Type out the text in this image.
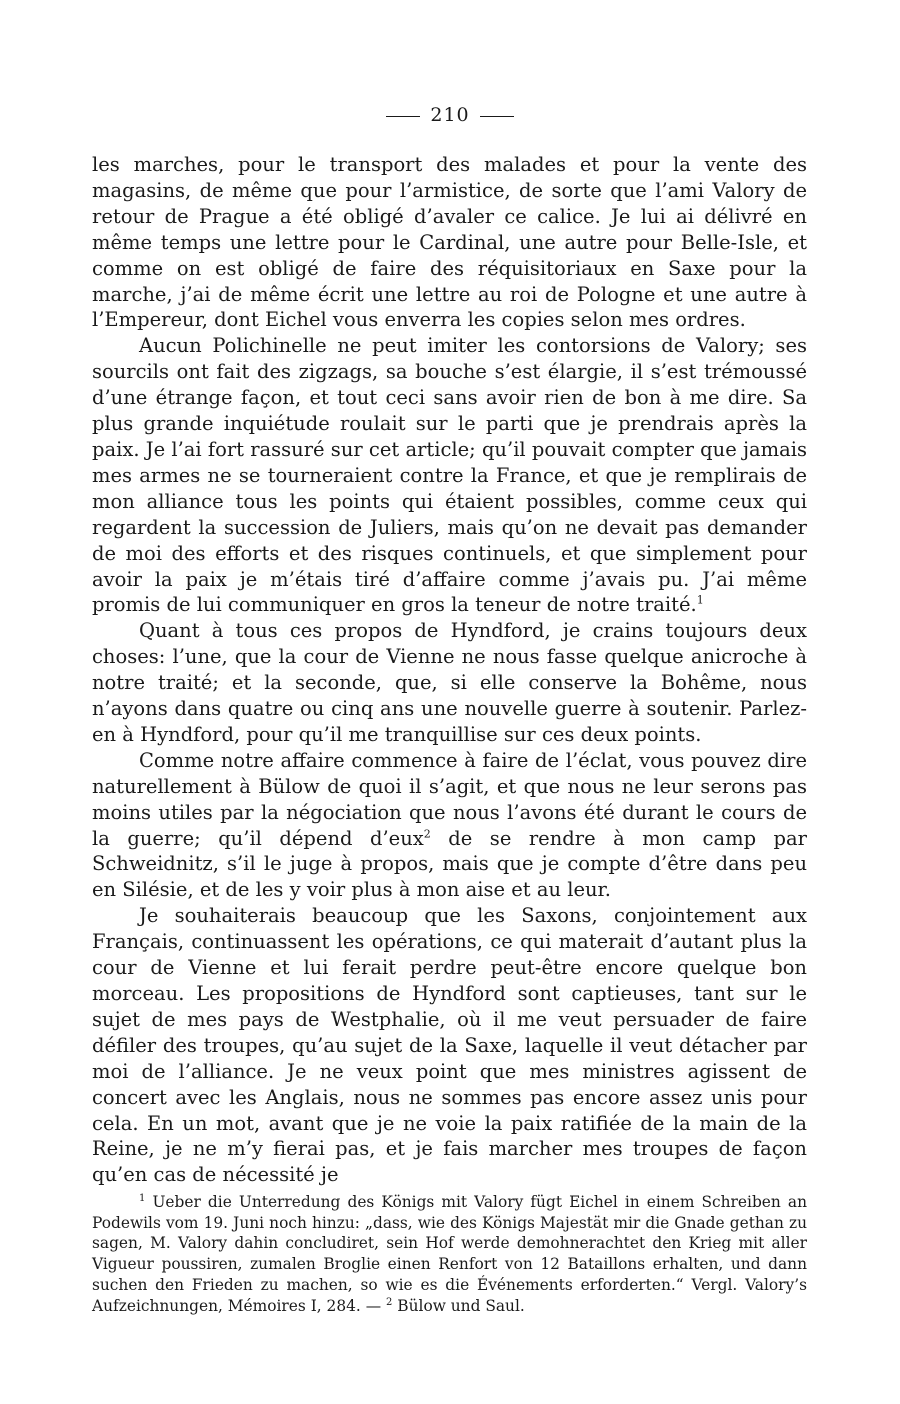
210

les marches, pour le transport des malades et pour la vente des magasins, de même que pour l’armistice, de sorte que l’ami Valory de retour de Prague a été obligé d’avaler ce calice. Je lui ai délivré en même temps une lettre pour le Cardinal, une autre pour Belle-Isle, et comme on est obligé de faire des réquisitoriaux en Saxe pour la marche, j’ai de même écrit une lettre au roi de Pologne et une autre à l’Empereur, dont Eichel vous enverra les copies selon mes ordres.

Aucun Polichinelle ne peut imiter les contorsions de Valory; ses sourcils ont fait des zigzags, sa bouche s’est élargie, il s’est trémoussé d’une étrange façon, et tout ceci sans avoir rien de bon à me dire. Sa plus grande inquiétude roulait sur le parti que je prendrais après la paix. Je l’ai fort rassuré sur cet article; qu’il pouvait compter que jamais mes armes ne se tourneraient contre la France, et que je remplirais de mon alliance tous les points qui étaient possibles, comme ceux qui regardent la succession de Juliers, mais qu’on ne devait pas demander de moi des efforts et des risques continuels, et que simplement pour avoir la paix je m’étais tiré d’affaire comme j’avais pu. J’ai même promis de lui communiquer en gros la teneur de notre traité.$^1$

Quant à tous ces propos de Hyndford, je crains toujours deux choses: l’une, que la cour de Vienne ne nous fasse quelque anicroche à notre traité; et la seconde, que, si elle conserve la Bohême, nous n’ayons dans quatre ou cinq ans une nouvelle guerre à soutenir. Parlez-en à Hyndford, pour qu’il me tranquillise sur ces deux points.

Comme notre affaire commence à faire de l’éclat, vous pouvez dire naturellement à Bülow de quoi il s’agit, et que nous ne leur serons pas moins utiles par la négociation que nous l’avons été durant le cours de la guerre; qu’il dépend d’eux$^2$ de se rendre à mon camp par Schweidnitz, s’il le juge à propos, mais que je compte d’être dans peu en Silésie, et de les y voir plus à mon aise et au leur.

Je souhaiterais beaucoup que les Saxons, conjointement aux Français, continuassent les opérations, ce qui materait d’autant plus la cour de Vienne et lui ferait perdre peut-être encore quelque bon morceau. Les propositions de Hyndford sont captieuses, tant sur le sujet de mes pays de Westphalie, où il me veut persuader de faire défiler des troupes, qu’au sujet de la Saxe, laquelle il veut détacher par moi de l’alliance. Je ne veux point que mes ministres agissent de concert avec les Anglais, nous ne sommes pas encore assez unis pour cela. En un mot, avant que je ne voie la paix ratifiée de la main de la Reine, je ne m’y fierai pas, et je fais marcher mes troupes de façon qu’en cas de nécessité je

$^1$ Ueber die Unterredung des Königs mit Valory fügt Eichel in einem Schreiben an Podewils vom 19. Juni noch hinzu: „dass, wie des Königs Majestät mir die Gnade gethan zu sagen, M. Valory dahin concludiret, sein Hof werde demohnerachtet den Krieg mit aller Vigueur poussiren, zumalen Broglie einen Renfort von 12 Bataillons erhalten, und dann suchen den Frieden zu machen, so wie es die Événements erforderten.“ Vergl. Valory’s Aufzeichnungen, Mémoires I, 284. — $^2$ Bülow und Saul.
